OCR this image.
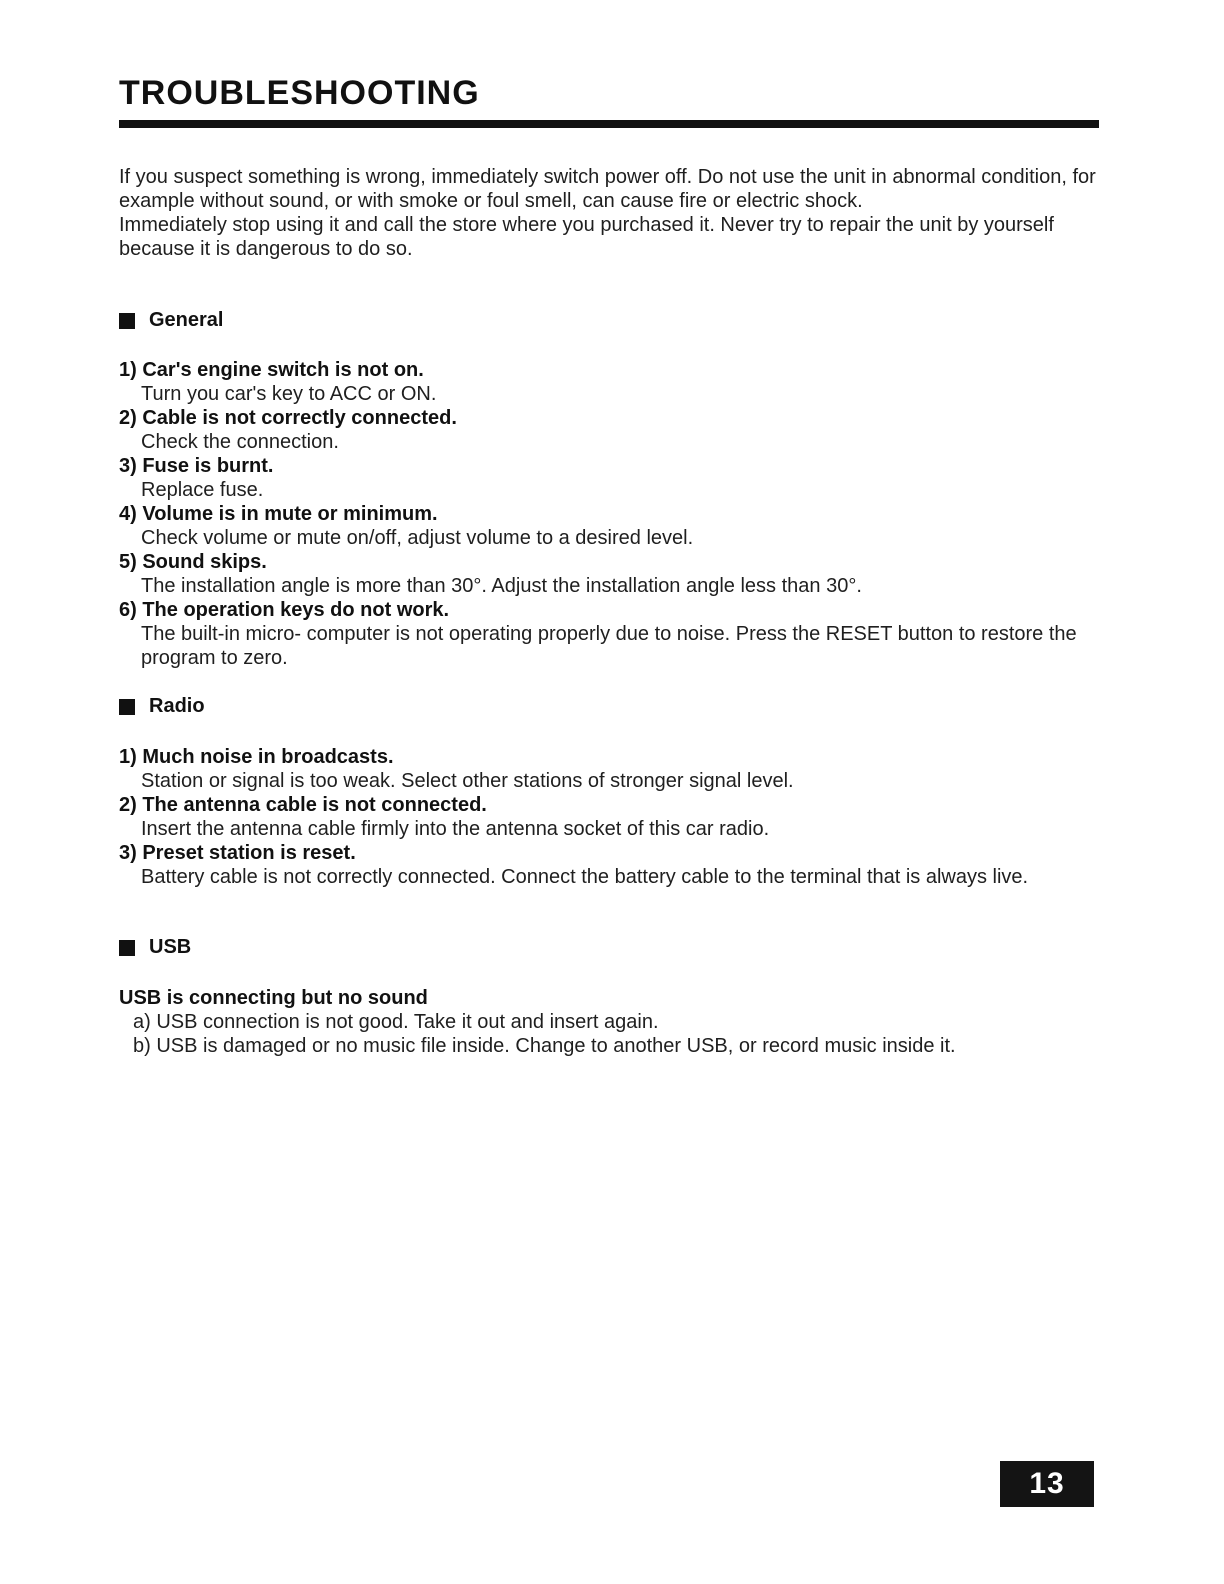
TROUBLESHOOTING

If you suspect something is wrong, immediately switch power off. Do not use the unit in abnormal condition, for example without sound, or with smoke or foul smell, can cause fire or electric shock.

Immediately stop using it and call the store where you purchased it. Never try to repair the unit by yourself because it is dangerous to do so.

General

1) Car's engine switch is not on.

Turn you car's key to ACC or ON.

2) Cable is not correctly connected.

Check the connection.

3) Fuse is burnt.

Replace fuse.

4) Volume is in mute or minimum.

Check volume or mute on/off, adjust volume to a desired level.

5) Sound skips.

The installation angle is more than 30°. Adjust the installation angle less than 30°.

6) The operation keys do not work.

The built-in micro- computer is not operating properly due to noise. Press the RESET button to restore the program to zero.

Radio

1) Much noise in broadcasts.

Station or signal is too weak. Select other stations of stronger signal level.

2) The antenna cable is not connected.

Insert the antenna cable firmly into the antenna socket of this car radio.

3) Preset station is reset.

Battery cable is not correctly connected. Connect the battery cable to the terminal that is always live.

USB

USB is connecting but no sound

a) USB connection is not good. Take it out and insert again.

b) USB is damaged or no music file inside. Change to another USB, or record music inside it.

13
